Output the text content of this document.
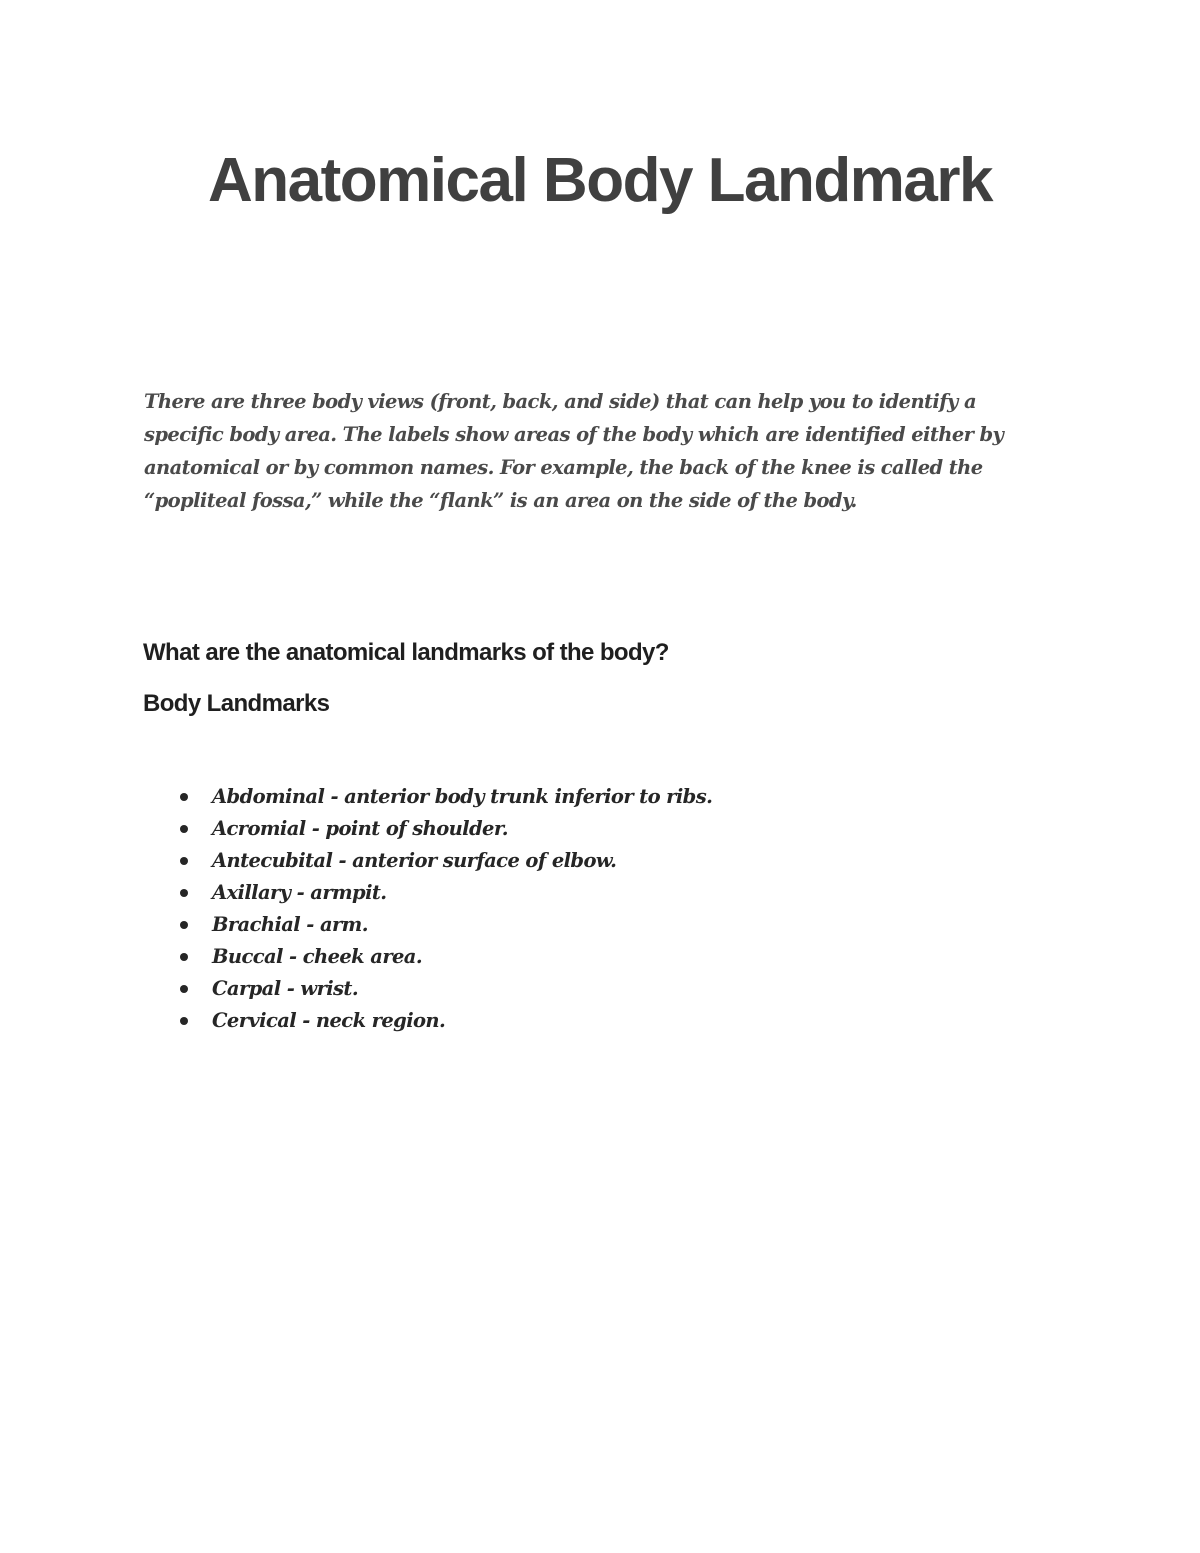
Anatomical Body Landmark

There are three body views (front, back, and side) that can help you to identify a specific body area. The labels show areas of the body which are identified either by anatomical or by common names. For example, the back of the knee is called the “popliteal fossa,” while the “flank” is an area on the side of the body.

What are the anatomical landmarks of the body?
Body Landmarks
Abdominal - anterior body trunk inferior to ribs.
Acromial - point of shoulder.
Antecubital - anterior surface of elbow.
Axillary - armpit.
Brachial - arm.
Buccal - cheek area.
Carpal - wrist.
Cervical - neck region.
